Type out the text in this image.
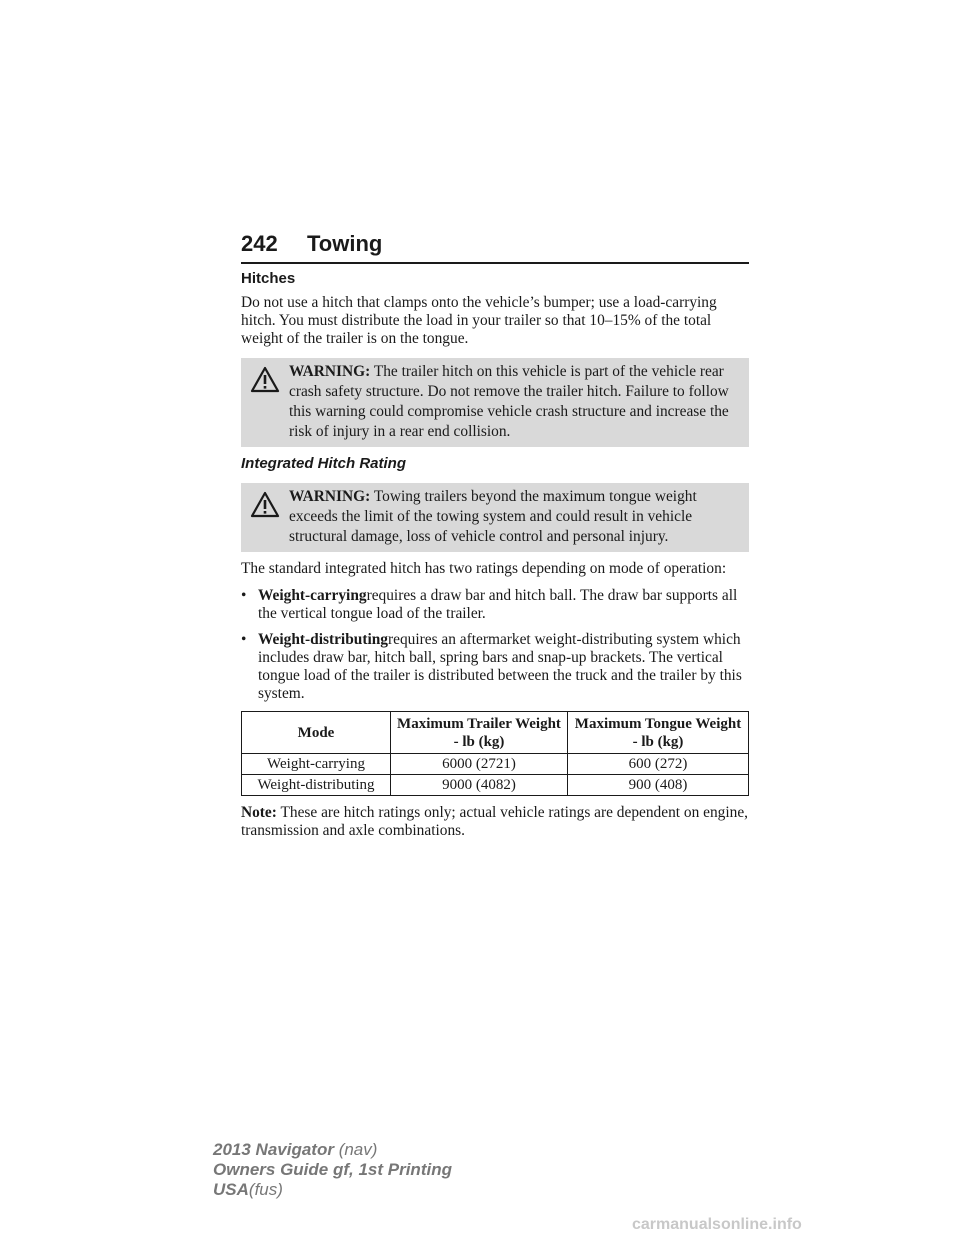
242 Towing
Hitches

Do not use a hitch that clamps onto the vehicle’s bumper; use a load-carrying hitch. You must distribute the load in your trailer so that 10–15% of the total weight of the trailer is on the tongue.

WARNING: The trailer hitch on this vehicle is part of the vehicle rear crash safety structure. Do not remove the trailer hitch. Failure to follow this warning could compromise vehicle crash structure and increase the risk of injury in a rear end collision.
Integrated Hitch Rating
WARNING: Towing trailers beyond the maximum tongue weight exceeds the limit of the towing system and could result in vehicle structural damage, loss of vehicle control and personal injury.

The standard integrated hitch has two ratings depending on mode of operation:

• Weight-carryingrequires a draw bar and hitch ball. The draw bar supports all the vertical tongue load of the trailer.
• Weight-distributingrequires an aftermarket weight-distributing system which includes draw bar, hitch ball, spring bars and snap-up brackets. The vertical tongue load of the trailer is distributed between the truck and the trailer by this system.
Mode	Maximum Trailer Weight - lb (kg)	Maximum Tongue Weight - lb (kg)
Weight-carrying	6000 (2721)	600 (272)
Weight-distributing	9000 (4082)	900 (408)

Note: These are hitch ratings only; actual vehicle ratings are dependent on engine, transmission and axle combinations.

2013 Navigator (nav)
Owners Guide gf, 1st Printing
USA(fus)
carmanualsonline.info
